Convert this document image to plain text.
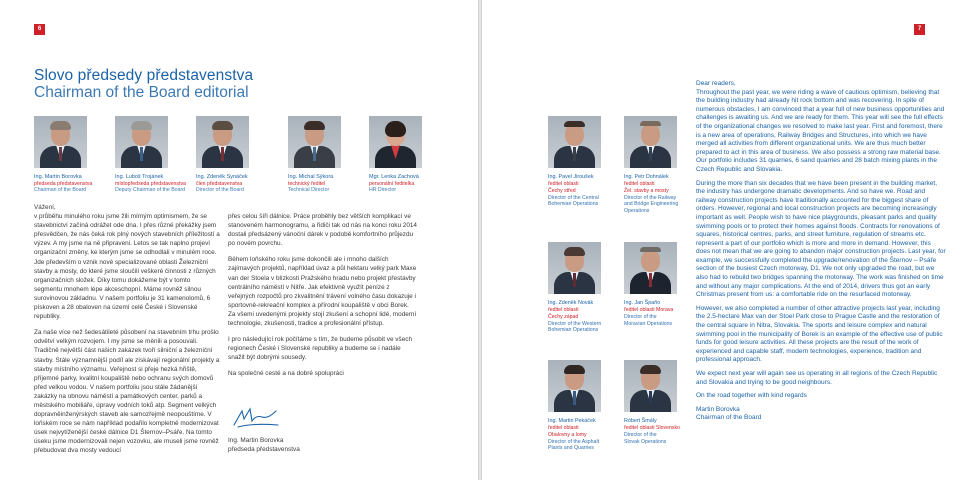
6
Slovo předsedy představenstva
Chairman of the Board editorial
Ing. Martin Borovka
předseda představenstva
Chairman of the Board
Ing. Luboš Trojánek
místopředseda představenstva
Deputy Chairman of the Board
Ing. Zdeněk Synáček
člen představenstva
Director of the Board
Ing. Michal Sýkora
technický ředitel
Technical Director
Mgr. Lenka Zachová
personální ředitelka
HR Director

Vážení,
v průběhu minulého roku jsme žili mírným optimismem, že se stavebnictví začíná odrážet ode dna. I přes různé překážky jsem přesvědčen, že nás čeká rok plný nových stavebních příležitostí a výzev. A my jsme na ně připraveni. Letos se tak naplno projeví organizační změny, ke kterým jsme se odhodlali v minulém roce. Jde především o vznik nové specializované oblasti Železniční stavby a mosty, do které jsme sloučili veškeré činnosti z různých organizačních složek. Díky tomu dokážeme být v tomto segmentu mnohem lépe akceschopní. Máme rovněž silnou surovinovou základnu. V našem portfoliu je 31 kamenolomů, 6 pískoven a 28 obaloven na území celé České i Slovenské republiky.

Za naše více než šedesátileté působení na stavebním trhu prošlo odvětví velkým rozvojem. I my jsme se měnili a posouvali. Tradičně největší část našich zakázek tvoří silniční a železniční stavby. Stále významnější podíl ale získávají regionální projekty a stavby místního významu. Veřejnost si přeje hezká hřiště, příjemné parky, kvalitní koupaliště nebo ochranu svých domovů před velkou vodou. V našem portfoliu jsou stále žádanější zakázky na obnovu náměstí a památkových center, parků a městského mobiliáře, úpravy vodních toků atp. Segment velkých dopravněinženýrských staveb ale samozřejmě neopouštíme. V loňském roce se nám například podařilo kompletně modernizovat úsek nejvytíženější české dálnice D1 Šternov–Psáře. Na tomto úseku jsme modernizovali nejen vozovku, ale museli jsme rovněž přebudovat dva mosty vedoucí

přes celou šíři dálnice. Práce proběhly bez větších komplikací ve stanoveném harmonogramu, a řidiči tak od nás na konci roku 2014 dostali předsázený vánoční dárek v podobě komfortního průjezdu po novém povrchu.

Během loňského roku jsme dokončili ale i mnoho dalších zajímavých projektů, například úvaz a půl hektaru velký park Maxe van der Stoela v blízkosti Pražského hradu nebo projekt přestavby centrálního náměstí v Nitře. Jak efektivně využít peníze z veřejných rozpočtů pro zkvalitnění trávení volného času dokazuje i sportovně-rekreační komplex a přírodní koupaliště v obci Borek. Za všemi uvedenými projekty stojí zkušení a schopní lidé, moderní technologie, zkušenosti, tradice a profesionální přístup.

I pro následující rok počítáme s tím, že budeme působit ve všech regionech České i Slovenské republiky a budeme se i nadále snažit být dobrými sousedy.

Na společné cesté a na dobré spolupráci

Ing. Martin Borovka
předseda představenstva
7
Ing. Pavel Jiroušek
ředitel oblasti
Čechy střed
Director of the Central
Bohemian Operations
Ing. Petr Dohnálek
ředitel oblasti
Žel. stavby a mosty
Director of the Railway
and Bridge Engineering
Operations
Ing. Zdeněk Novák
ředitel oblasti
Čechy západ
Director of the Western
Bohemian Operations
Ing. Jan Špaňo
ředitel oblasti Morava
Director of the
Moravian Operations
Ing. Martin Pekáček
ředitel oblasti
Obalovny a lomy
Director of the Asphalt
Plants and Quarries
Róbert Šmály
ředitel oblasti Slovensko
Director of the
Slovak Operations

Dear readers,
Throughout the past year, we were riding a wave of cautious optimism, believing that the building industry had already hit rock bottom and was recovering. In spite of numerous obstacles, I am convinced that a year full of new business opportunities and challenges is awaiting us. And we are ready for them. This year will see the full effects of the organizational changes we resolved to make last year. First and foremost, there is a new area of operations, Railway Bridges and Structures, into which we have merged all activities from different organizational units. We are thus much better prepared to act in this area of business. We also possess a strong raw material base. Our portfolio includes 31 quarries, 6 sand quarries and 28 batch mixing plants in the Czech Republic and Slovakia.

During the more than six decades that we have been present in the building market, the industry has undergone dramatic developments. And so have we. Road and railway construction projects have traditionally accounted for the biggest share of orders. However, regional and local construction projects are becoming increasingly important as well. People wish to have nice playgrounds, pleasant parks and quality swimming pools or to protect their homes against floods. Contracts for renovations of squares, historical centres, parks, and street furniture, regulation of streams etc. represent a part of our portfolio which is more and more in demand. However, this does not mean that we are going to abandon major construction projects. Last year, for example, we successfully completed the upgrade/renovation of the Šternov – Psáře section of the busiest Czech motorway, D1. We not only upgraded the road, but we also had to rebuild two bridges spanning the motorway. The work was finished on time and without any major complications. At the end of 2014, drivers thus got an early Christmas present from us: a comfortable ride on the resurfaced motorway.

However, we also completed a number of other attractive projects last year, including the 2.5-hectare Max van der Stoel Park close to Prague Castle and the restoration of the central square in Nitra, Slovakia. The sports and leisure complex and natural swimming pool in the municipality of Borek is an example of the effective use of public funds for good leisure activities. All these projects are the result of the work of experienced and capable staff, modern technologies, experience, tradition and professional approach.

We expect next year will again see us operating in all regions of the Czech Republic and Slovakia and trying to be good neighbours.

On the road together with kind regards

Martin Borovka
Chairman of the Board
